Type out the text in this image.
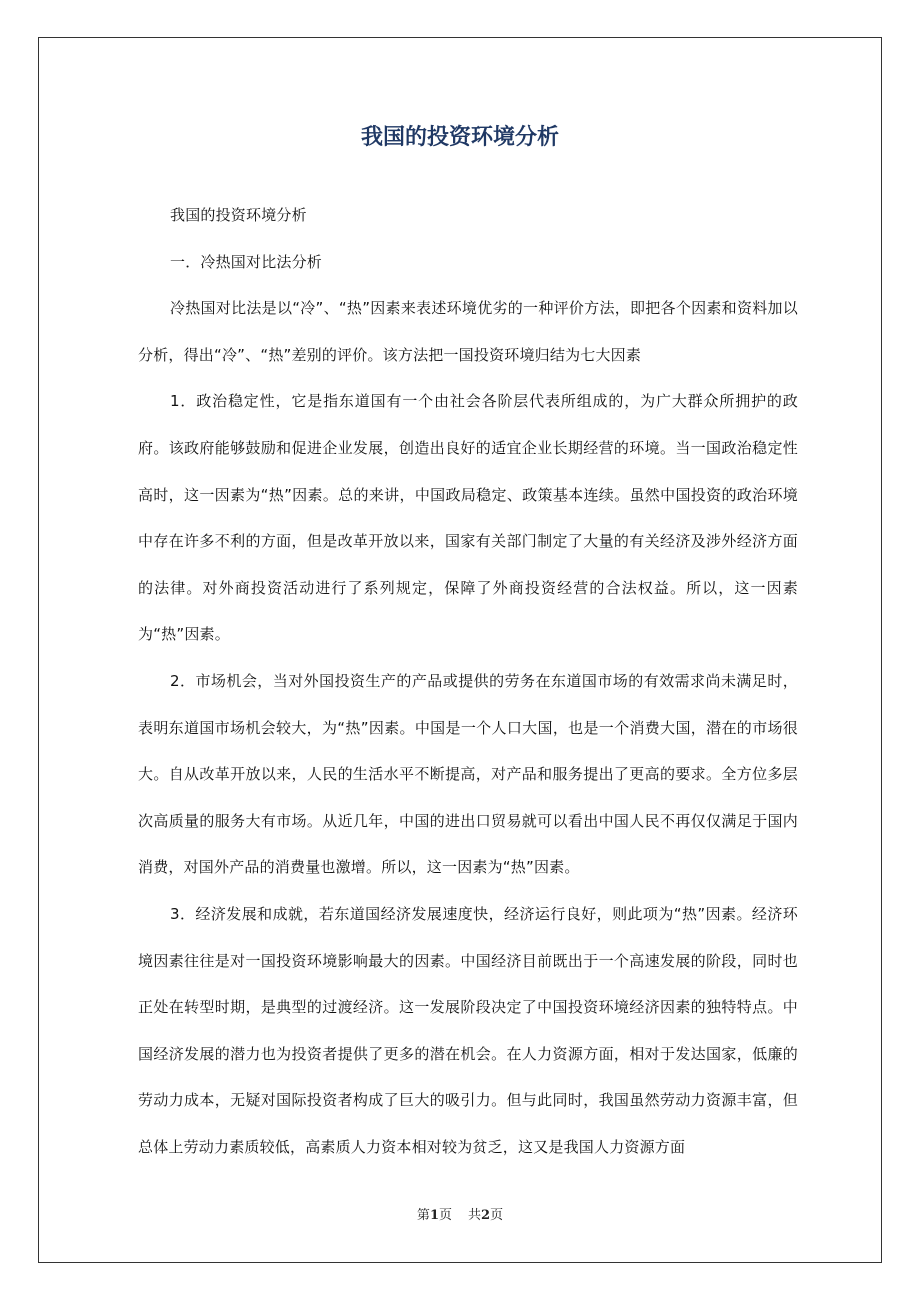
我国的投资环境分析

我国的投资环境分析

一．冷热国对比法分析

冷热国对比法是以“冷”、“热”因素来表述环境优劣的一种评价方法，即把各个因素和资料加以分析，得出“冷”、“热”差别的评价。该方法把一国投资环境归结为七大因素

1．政治稳定性，它是指东道国有一个由社会各阶层代表所组成的，为广大群众所拥护的政府。该政府能够鼓励和促进企业发展，创造出良好的适宜企业长期经营的环境。当一国政治稳定性高时，这一因素为“热”因素。总的来讲，中国政局稳定、政策基本连续。虽然中国投资的政治环境中存在许多不利的方面，但是改革开放以来，国家有关部门制定了大量的有关经济及涉外经济方面的法律。对外商投资活动进行了系列规定，保障了外商投资经营的合法权益。所以，这一因素为“热”因素。

2．市场机会，当对外国投资生产的产品或提供的劳务在东道国市场的有效需求尚未满足时，表明东道国市场机会较大，为“热”因素。中国是一个人口大国，也是一个消费大国，潜在的市场很大。自从改革开放以来，人民的生活水平不断提高，对产品和服务提出了更高的要求。全方位多层次高质量的服务大有市场。从近几年，中国的进出口贸易就可以看出中国人民不再仅仅满足于国内消费，对国外产品的消费量也激增。所以，这一因素为“热”因素。

3．经济发展和成就，若东道国经济发展速度快，经济运行良好，则此项为“热”因素。经济环境因素往往是对一国投资环境影响最大的因素。中国经济目前既出于一个高速发展的阶段，同时也正处在转型时期，是典型的过渡经济。这一发展阶段决定了中国投资环境经济因素的独特特点。中国经济发展的潜力也为投资者提供了更多的潜在机会。在人力资源方面，相对于发达国家，低廉的劳动力成本，无疑对国际投资者构成了巨大的吸引力。但与此同时，我国虽然劳动力资源丰富，但总体上劳动力素质较低，高素质人力资本相对较为贫乏，这又是我国人力资源方面

第1页 共2页
